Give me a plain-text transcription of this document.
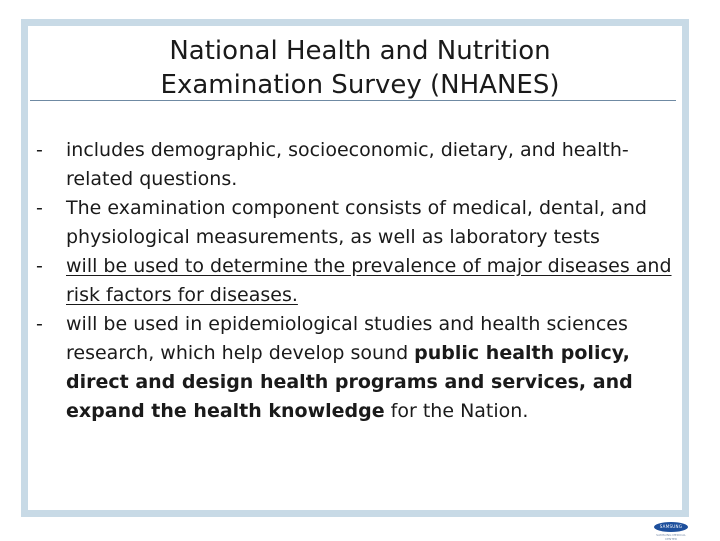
National Health and Nutrition
Examination Survey (NHANES)
-	includes demographic, socioeconomic, dietary, and health-related questions.
-	The examination component consists of medical, dental, and physiological measurements, as well as laboratory tests
-	will be used to determine the prevalence of major diseases and risk factors for diseases.
-	will be used in epidemiological studies and health sciences research, which help develop sound public health policy, direct and design health programs and services, and expand the health knowledge for the Nation.
SAMSUNG
SAMSUNG MEDICAL CENTER
